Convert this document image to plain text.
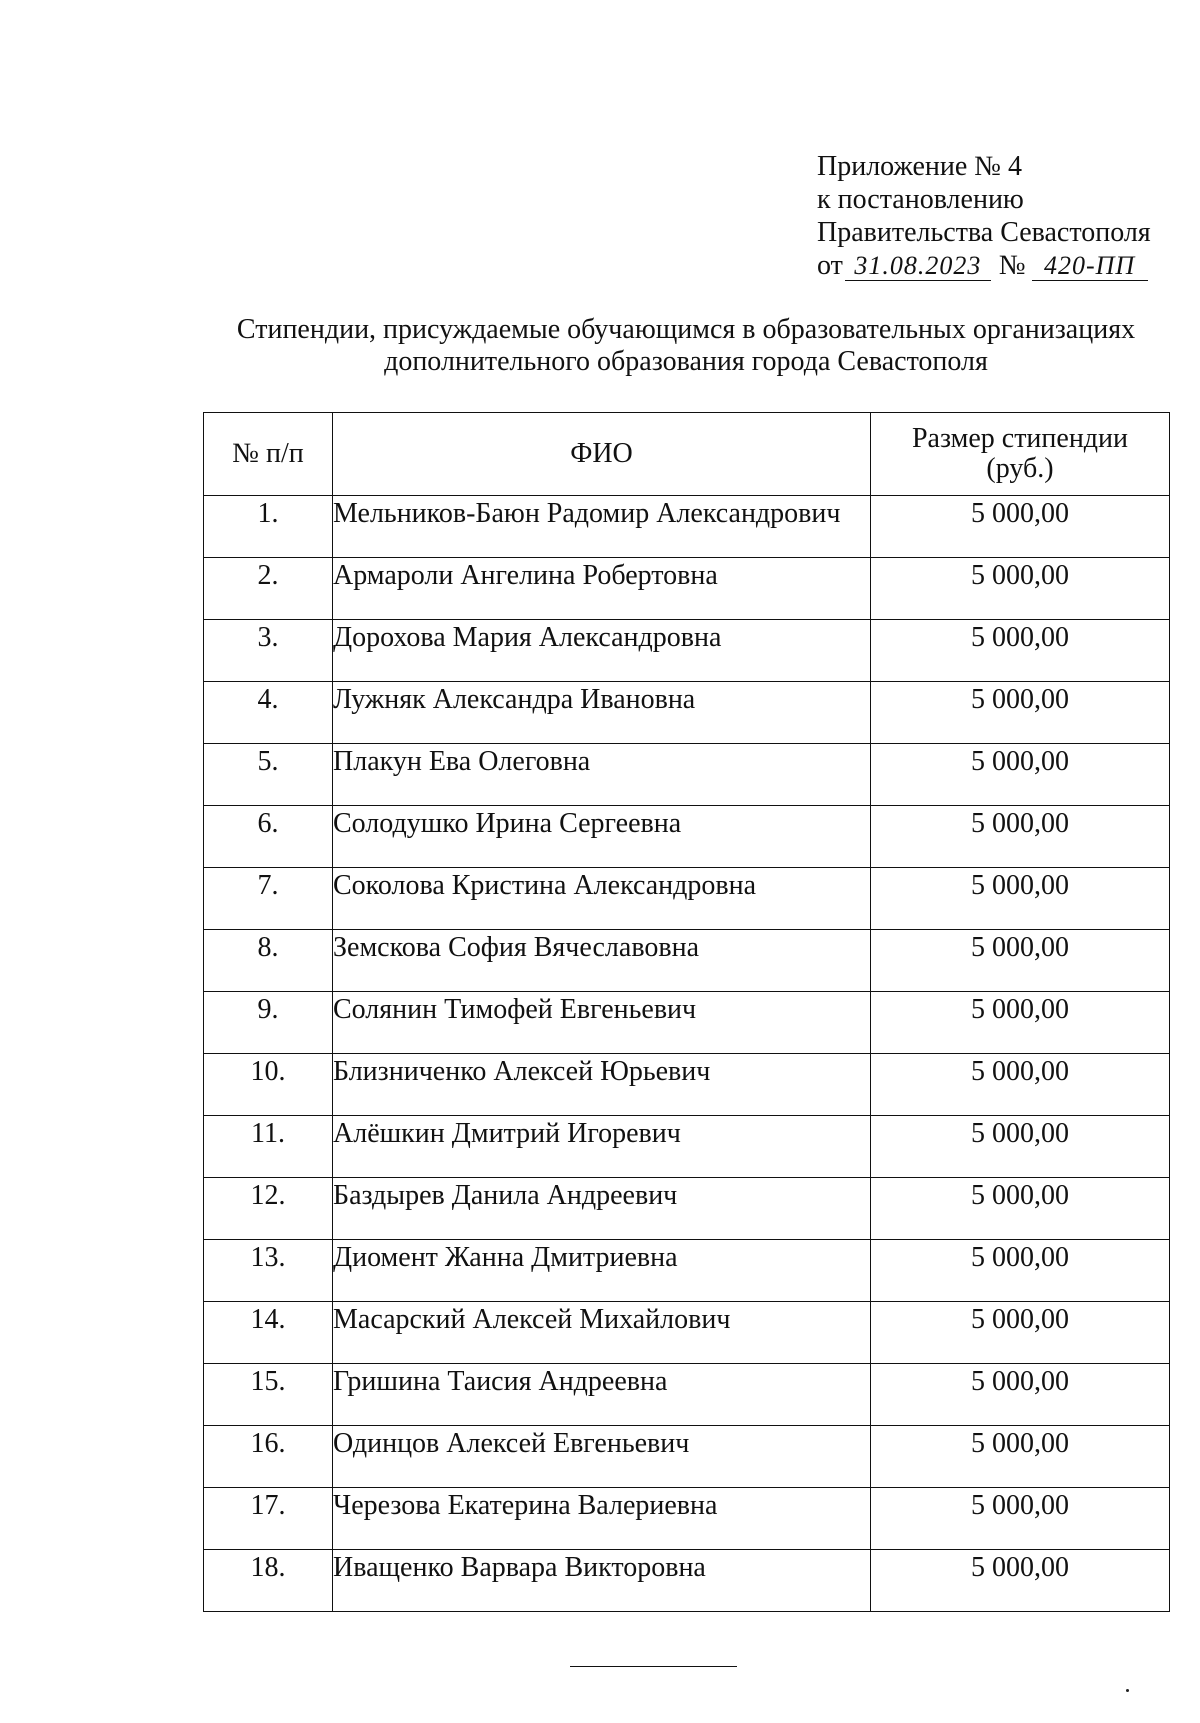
Приложение № 4
к постановлению
Правительства Севастополя
от 31.08.2023 № 420-ПП
Стипендии, присуждаемые обучающимся в образовательных организациях
дополнительного образования города Севастополя
№ п/п	ФИО	Размер стипендии
(руб.)

1.	Мельников-Баюн Радомир Александрович	5 000,00
2.	Армароли Ангелина Робертовна	5 000,00
3.	Дорохова Мария Александровна	5 000,00
4.	Лужняк Александра Ивановна	5 000,00
5.	Плакун Ева Олеговна	5 000,00
6.	Солодушко Ирина Сергеевна	5 000,00
7.	Соколова Кристина Александровна	5 000,00
8.	Земскова София Вячеславовна	5 000,00
9.	Солянин Тимофей Евгеньевич	5 000,00
10.	Близниченко Алексей Юрьевич	5 000,00
11.	Алёшкин Дмитрий Игоревич	5 000,00
12.	Баздырев Данила Андреевич	5 000,00
13.	Диомент Жанна Дмитриевна	5 000,00
14.	Масарский Алексей Михайлович	5 000,00
15.	Гришина Таисия Андреевна	5 000,00
16.	Одинцов Алексей Евгеньевич	5 000,00
17.	Черезова Екатерина Валериевна	5 000,00
18.	Иващенко Варвара Викторовна	5 000,00
